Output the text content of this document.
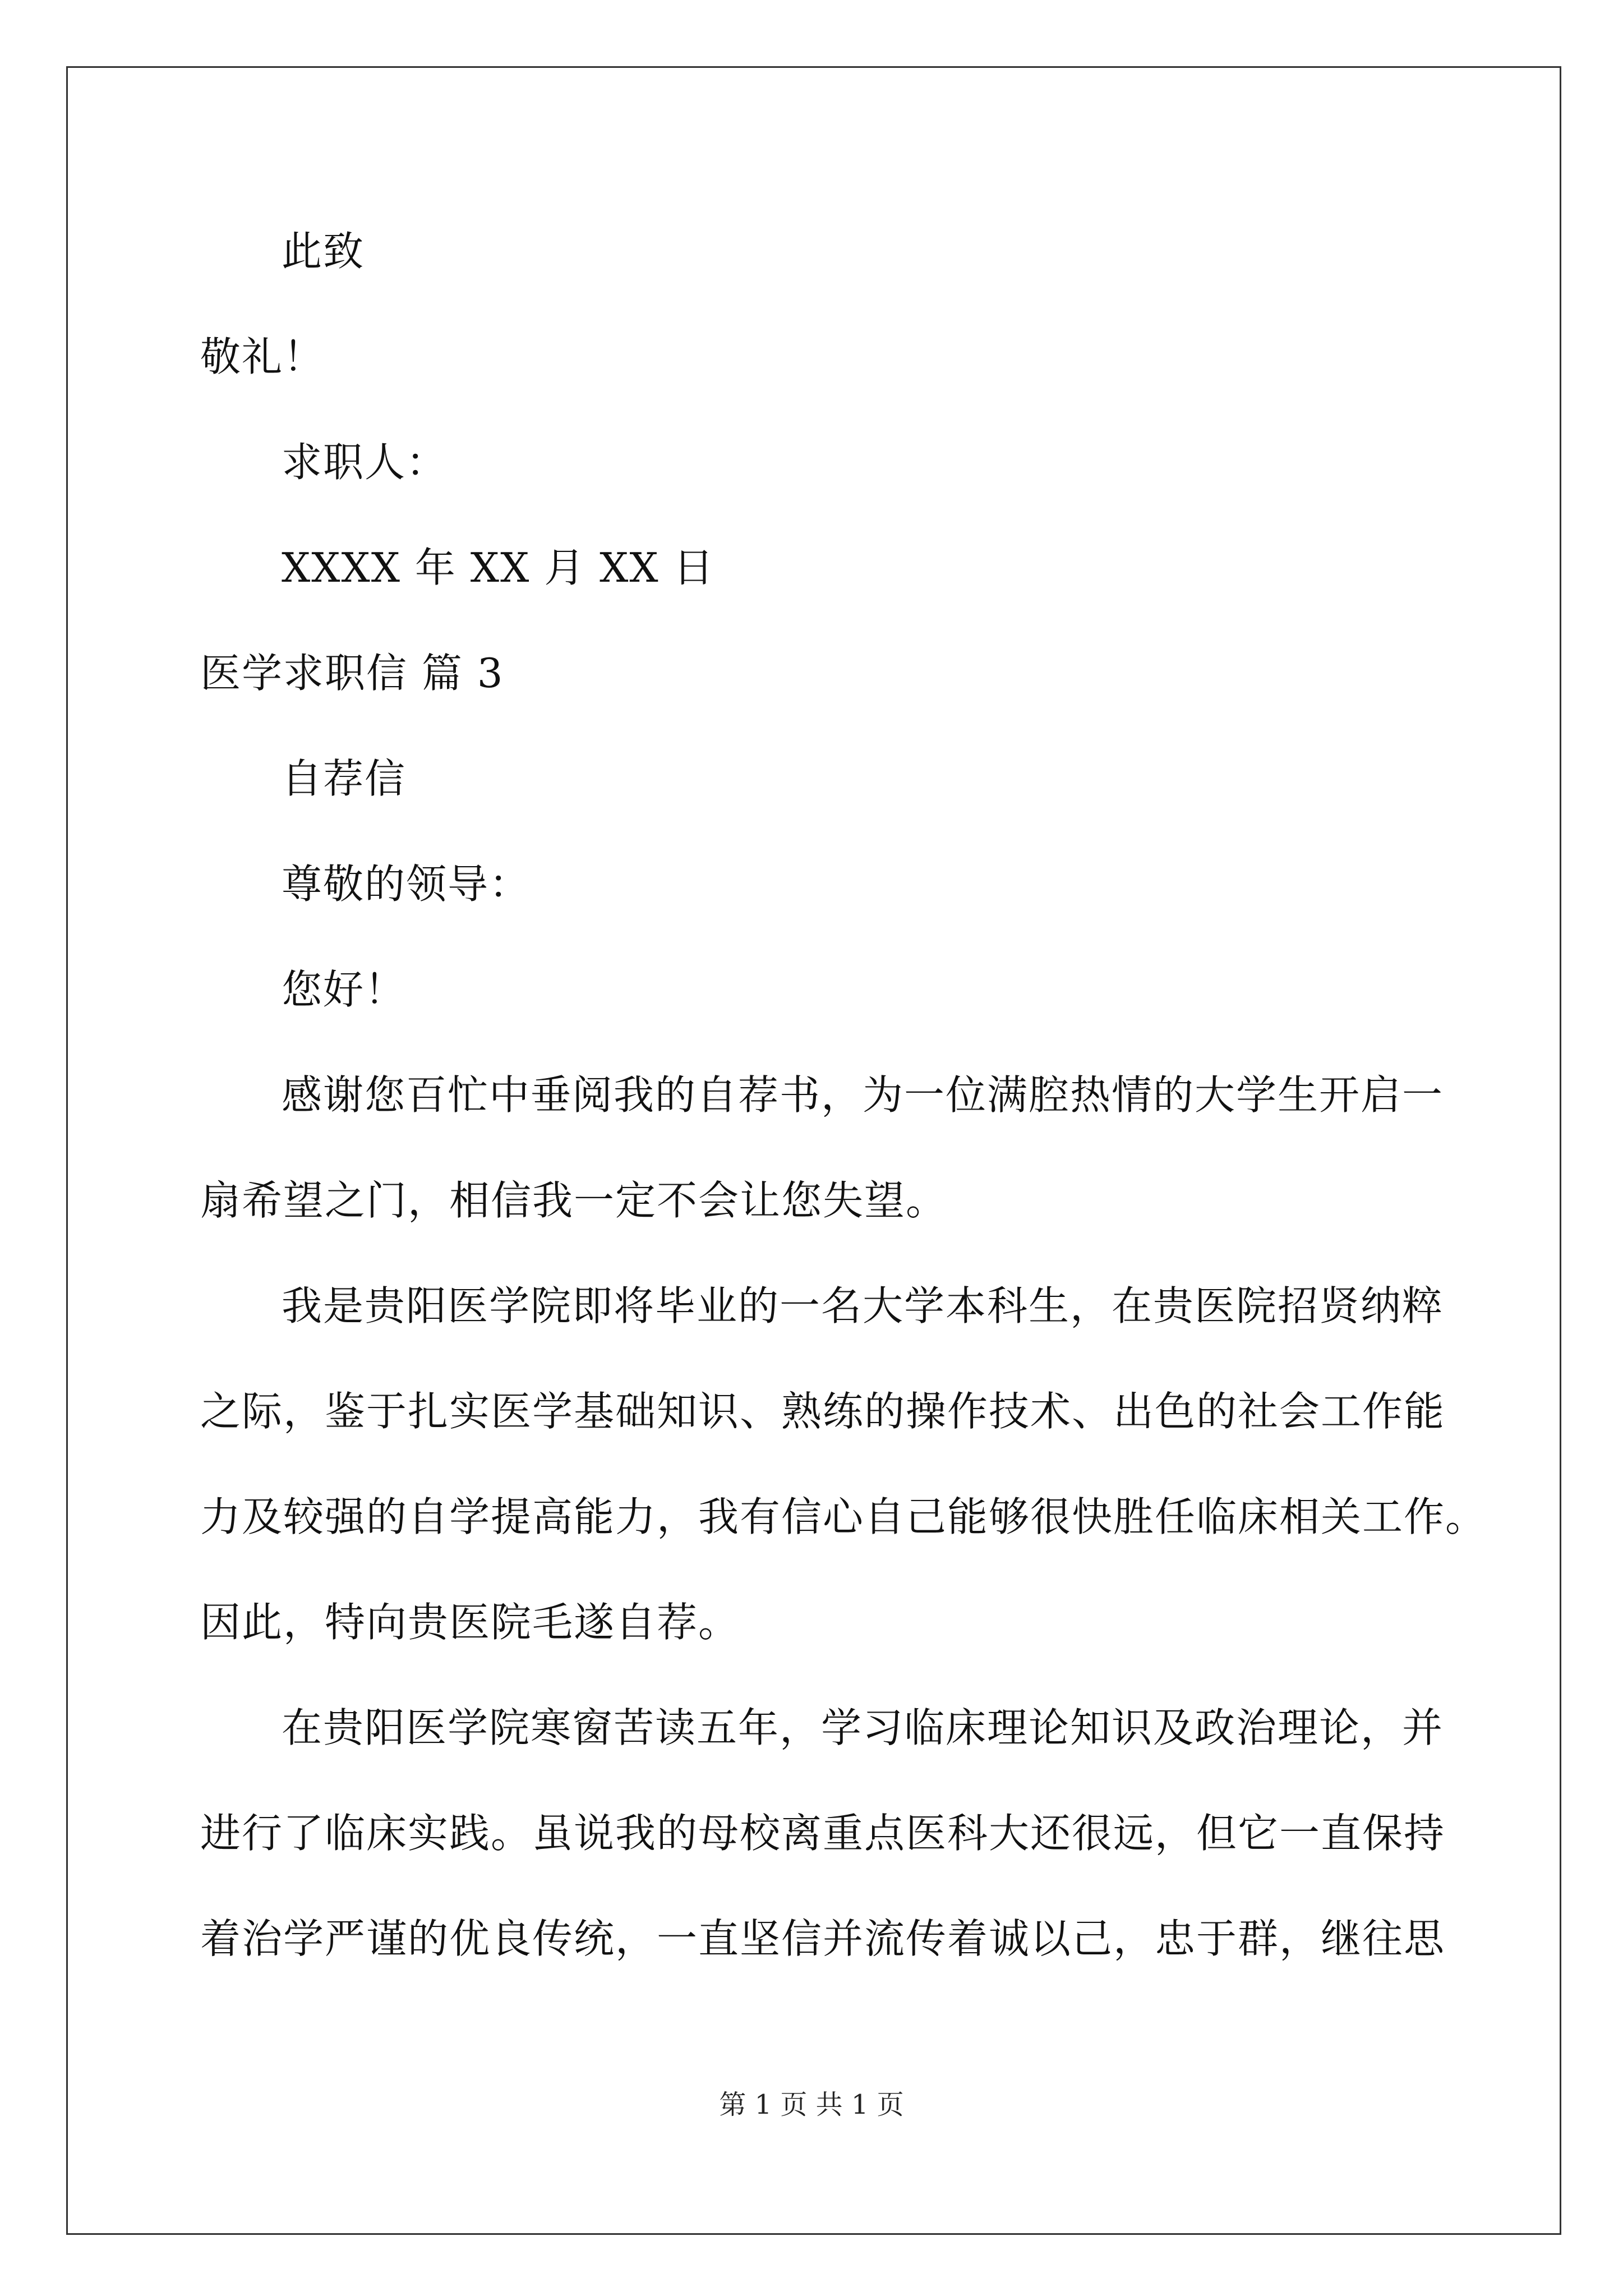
此致
敬礼！
求职人：
XXXX 年 XX 月 XX 日
医学求职信 篇 3
自荐信
尊敬的领导：
您好！
感谢您百忙中垂阅我的自荐书，为一位满腔热情的大学生开启一
扇希望之门，相信我一定不会让您失望。
我是贵阳医学院即将毕业的一名大学本科生，在贵医院招贤纳粹
之际，鉴于扎实医学基础知识、熟练的操作技术、出色的社会工作能
力及较强的自学提高能力，我有信心自己能够很快胜任临床相关工作。
因此，特向贵医院毛遂自荐。
在贵阳医学院寒窗苦读五年，学习临床理论知识及政治理论，并
进行了临床实践。虽说我的母校离重点医科大还很远，但它一直保持
着治学严谨的优良传统，一直坚信并流传着诚以己，忠于群，继往思
第 1 页 共 1 页
